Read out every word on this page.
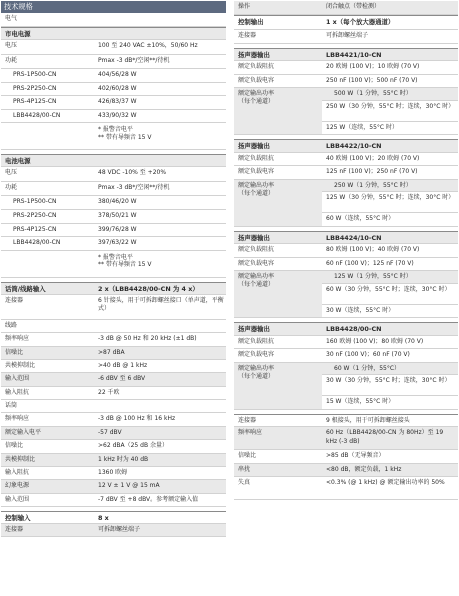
技术规格
电气
市电电源
电压	100 至 240 VAC ±10%，50/60 Hz
功耗	Pmax -3 dB*/空闲**/待机
PRS-1P500-CN	404/56/28 W
PRS-2P250-CN	402/60/28 W
PRS-4P125-CN	426/83/37 W
LBB4428/00-CN	433/90/32 W
* 报警音电平
** 带有导频音 15 V
电池电源
电压	48 VDC -10% 至 +20%
功耗	Pmax -3 dB*/空闲**/待机
PRS-1P500-CN	380/46/20 W
PRS-2P250-CN	378/50/21 W
PRS-4P125-CN	399/76/28 W
LBB4428/00-CN	397/63/22 W
* 报警音电平
** 带有导频音 15 V
话筒/线路输入	2 x（LBB4428/00-CN 为 4 x）
连接器	6 针接头，用于可拆卸螺丝接口（单声道，平衡式）
线路
频率响应	-3 dB @ 50 Hz 和 20 kHz (±1 dB)
信噪比	>87 dBA
共模抑制比	>40 dB @ 1 kHz
输入范围	-6 dBV 至 6 dBV
输入阻抗	22 千欧
话筒
频率响应	-3 dB @ 100 Hz 和 16 kHz
额定输入电平	-57 dBV
信噪比	>62 dBA（25 dB 余量）
共模抑制比	1 kHz 时为 40 dB
输入阻抗	1360 欧姆
幻象电源	12 V ± 1 V @ 15 mA
输入范围	-7 dBV 至 +8 dBV。参考额定输入值
控制输入	8 x
连接器	可拆卸螺丝端子
操作	闭合触点（带检测）
控制输出	1 x（每个放大器通道）
连接器	可拆卸螺丝端子
扬声器输出	LBB4421/10-CN
额定负载阻抗	20 欧姆 (100 V)；10 欧姆 (70 V)
额定负载电容	250 nF (100 V)；500 nF (70 V)
额定输出功率
（每个通道）
500 W（1 分钟，55°C 时）
250 W（30 分钟，55°C 时；连续，30°C 时）
125 W（连续，55°C 时）
扬声器输出	LBB4422/10-CN
额定负载阻抗	40 欧姆 (100 V)；20 欧姆 (70 V)
额定负载电容	125 nF (100 V)；250 nF (70 V)
额定输出功率
（每个通道）
250 W（1 分钟，55°C 时）
125 W（30 分钟，55°C 时；连续，30°C 时）
60 W（连续，55°C 时）
扬声器输出	LBB4424/10-CN
额定负载阻抗	80 欧姆 (100 V)；40 欧姆 (70 V)
额定负载电容	60 nF (100 V)；125 nF (70 V)
额定输出功率
（每个通道）
125 W（1 分钟，55°C 时）
60 W（30 分钟，55°C 时；连续，30°C 时）
30 W（连续，55°C 时）
扬声器输出	LBB4428/00-CN
额定负载阻抗	160 欧姆 (100 V)；80 欧姆 (70 V)
额定负载电容	30 nF (100 V)；60 nF (70 V)
额定输出功率
（每个通道）
60 W（1 分钟，55°C）
30 W（30 分钟，55°C 时；连续，30°C 时）
15 W（连续，55°C 时）
连接器	9 根接头，用于可拆卸螺丝接头
频率响应	60 Hz（LBB4428/00-CN 为 80Hz）至 19 kHz (-3 dB)
信噪比	>85 dB（无导频音）
串扰	<80 dB，额定负载，1 kHz
失真	<0.3% (@ 1 kHz) @ 额定输出功率的 50%
